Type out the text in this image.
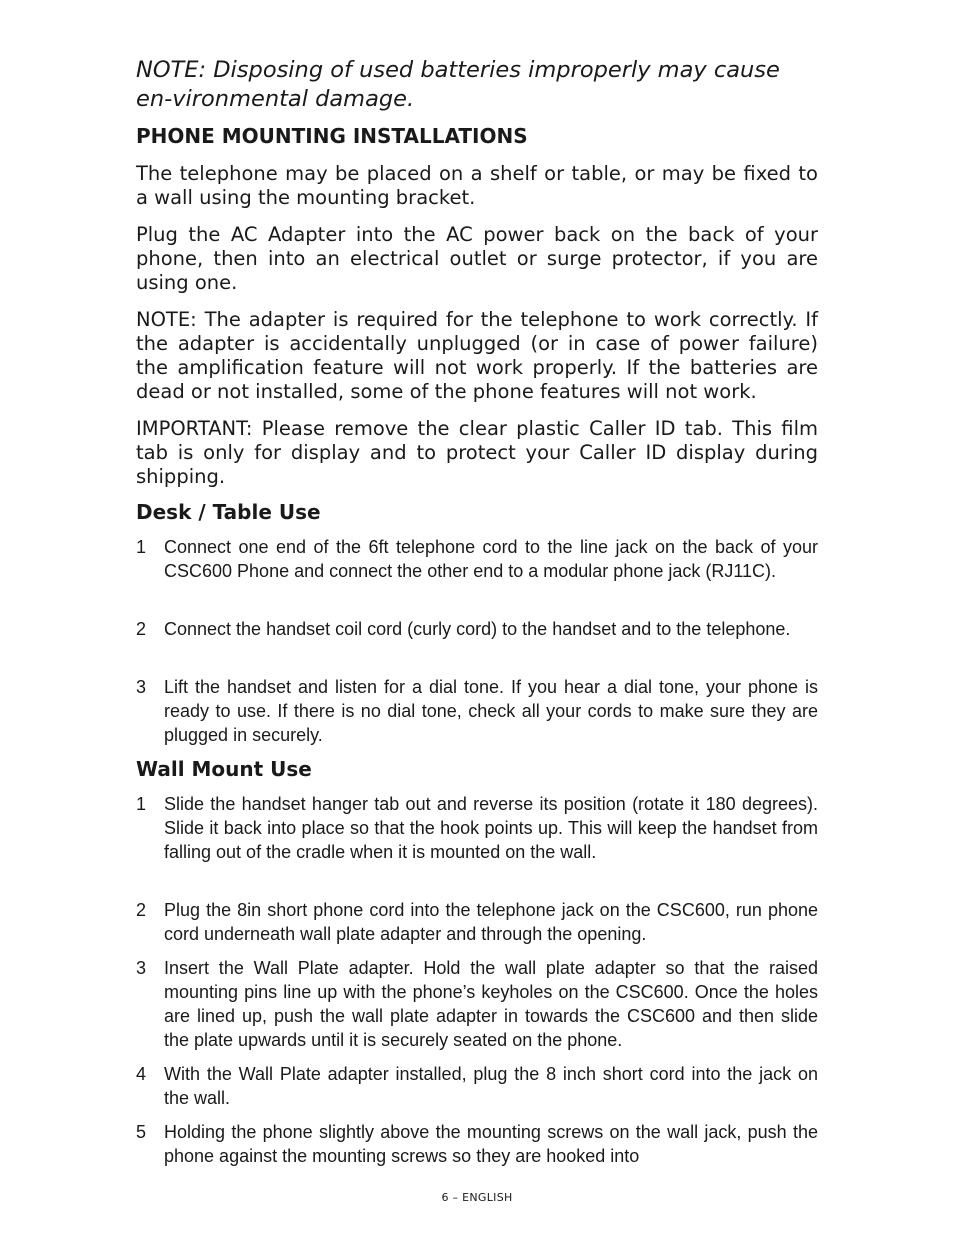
NOTE: Disposing of used batteries improperly may cause en-vironmental damage.
PHONE MOUNTING INSTALLATIONS
The telephone may be placed on a shelf or table, or may be fixed to a wall using the mounting bracket.
Plug the AC Adapter into the AC power back on the back of your phone, then into an electrical outlet or surge protector, if you are using one.
NOTE: The adapter is required for the telephone to work correctly. If the adapter is accidentally unplugged (or in case of power failure) the amplification feature will not work properly. If the batteries are dead or not installed, some of the phone features will not work.
IMPORTANT: Please remove the clear plastic Caller ID tab. This film tab is only for display and to protect your Caller ID display during shipping.
Desk / Table Use
1 Connect one end of the 6ft telephone cord to the line jack on the back of your CSC600 Phone and connect the other end to a modular phone jack (RJ11C).
2 Connect the handset coil cord (curly cord) to the handset and to the telephone.
3 Lift the handset and listen for a dial tone. If you hear a dial tone, your phone is ready to use. If there is no dial tone, check all your cords to make sure they are plugged in securely.
Wall Mount Use
1 Slide the handset hanger tab out and reverse its position (rotate it 180 degrees). Slide it back into place so that the hook points up. This will keep the handset from falling out of the cradle when it is mounted on the wall.
2 Plug the 8in short phone cord into the telephone jack on the CSC600, run phone cord underneath wall plate adapter and through the opening.
3 Insert the Wall Plate adapter. Hold the wall plate adapter so that the raised mounting pins line up with the phone’s keyholes on the CSC600. Once the holes are lined up, push the wall plate adapter in towards the CSC600 and then slide the plate upwards until it is securely seated on the phone.
4 With the Wall Plate adapter installed, plug the 8 inch short cord into the jack on the wall.
5 Holding the phone slightly above the mounting screws on the wall jack, push the phone against the mounting screws so they are hooked into
6 – ENGLISH
